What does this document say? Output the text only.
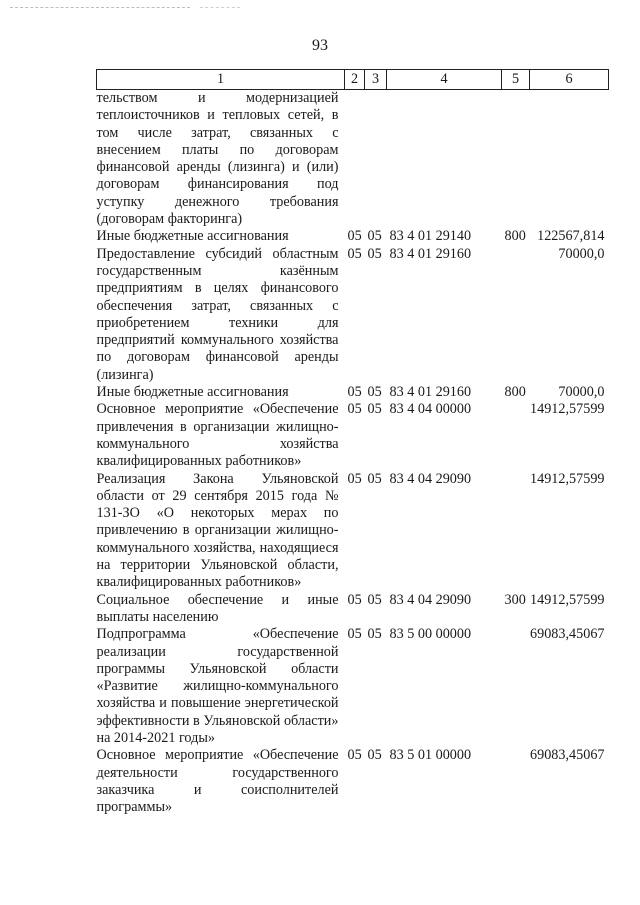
93
1	2	3	4	5	6
тельством и модернизацией теплоисточников и тепловых сетей, в том числе затрат, связанных с внесением платы по договорам финансовой аренды (лизинга) и (или) договорам финансирования под уступку денежного требования (договорам факторинга)					
Иные бюджетные ассигнования	05	05	83 4 01 29140	800	122567,814
Предоставление субсидий областным государственным казённым предприятиям в целях финансового обеспечения затрат, связанных с приобретением техники для предприятий коммунального хозяйства по договорам финансовой аренды (лизинга)	05	05	83 4 01 29160		70000,0
Иные бюджетные ассигнования	05	05	83 4 01 29160	800	70000,0
Основное мероприятие «Обеспечение привлечения в организации жилищно-коммунального хозяйства квалифицированных работников»	05	05	83 4 04 00000		14912,57599
Реализация Закона Ульяновской области от 29 сентября 2015 года № 131-ЗО «О некоторых мерах по привлечению в организации жилищно-коммунального хозяйства, находящиеся на территории Ульяновской области, квалифицированных работников»	05	05	83 4 04 29090		14912,57599
Социальное обеспечение и иные выплаты населению	05	05	83 4 04 29090	300	14912,57599
Подпрограмма «Обеспечение реализации государственной программы Ульяновской области «Развитие жилищно-коммунального хозяйства и повышение энергетической эффективности в Ульяновской области» на 2014-2021 годы»	05	05	83 5 00 00000		69083,45067
Основное мероприятие «Обеспечение деятельности государственного заказчика и соисполнителей программы»	05	05	83 5 01 00000		69083,45067
